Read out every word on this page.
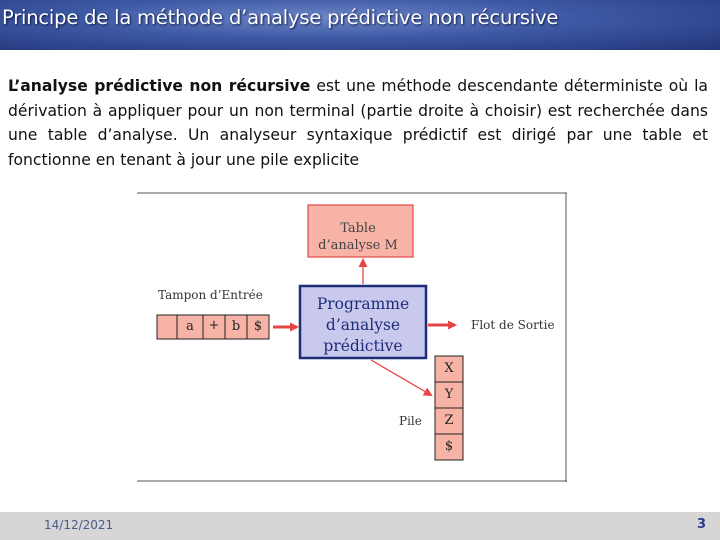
Principe de la méthode d’analyse prédictive non récursive
L’analyse prédictive non récursive est une méthode descendante déterministe où la dérivation à appliquer pour un non terminal (partie droite à choisir) est recherchée dans une table d’analyse. Un analyseur syntaxique prédictif est dirigé par une table et fonctionne en tenant à jour une pile explicite
Table
d’analyse M
Programme
d’analyse
prédictive
Tampon d’Entrée
Flot de Sortie
Pile
a	+ b	$
X
Y
Z
$
14/12/2021	3
